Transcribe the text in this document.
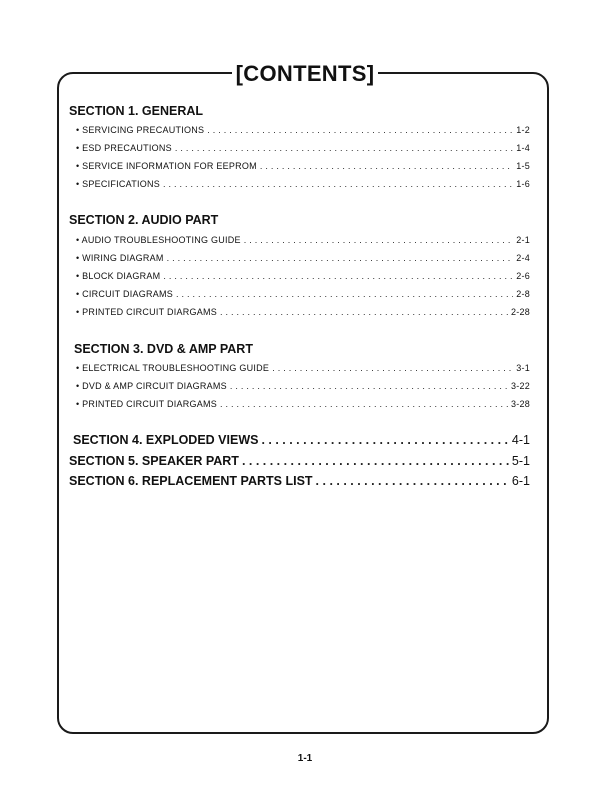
[CONTENTS]
SECTION 1. GENERAL
• SERVICING PRECAUTIONS . . .	1-2
• ESD PRECAUTIONS . . .	1-4
• SERVICE INFORMATION FOR EEPROM . . .	1-5
• SPECIFICATIONS . . .	1-6
SECTION 2. AUDIO PART
• AUDIO TROUBLESHOOTING GUIDE . . .	2-1
• WIRING DIAGRAM . . .	2-4
• BLOCK DIAGRAM . . .	2-6
• CIRCUIT DIAGRAMS . . .	2-8
• PRINTED CIRCUIT DIARGAMS . . .	2-28
SECTION 3. DVD & AMP PART
• ELECTRICAL TROUBLESHOOTING GUIDE . . .	3-1
• DVD & AMP CIRCUIT DIAGRAMS . . .	3-22
• PRINTED CIRCUIT DIARGAMS . . .	3-28
SECTION 4. EXPLODED VIEWS . . .	4-1
SECTION 5. SPEAKER PART . . .	5-1
SECTION 6. REPLACEMENT PARTS LIST . . .	6-1
1-1
